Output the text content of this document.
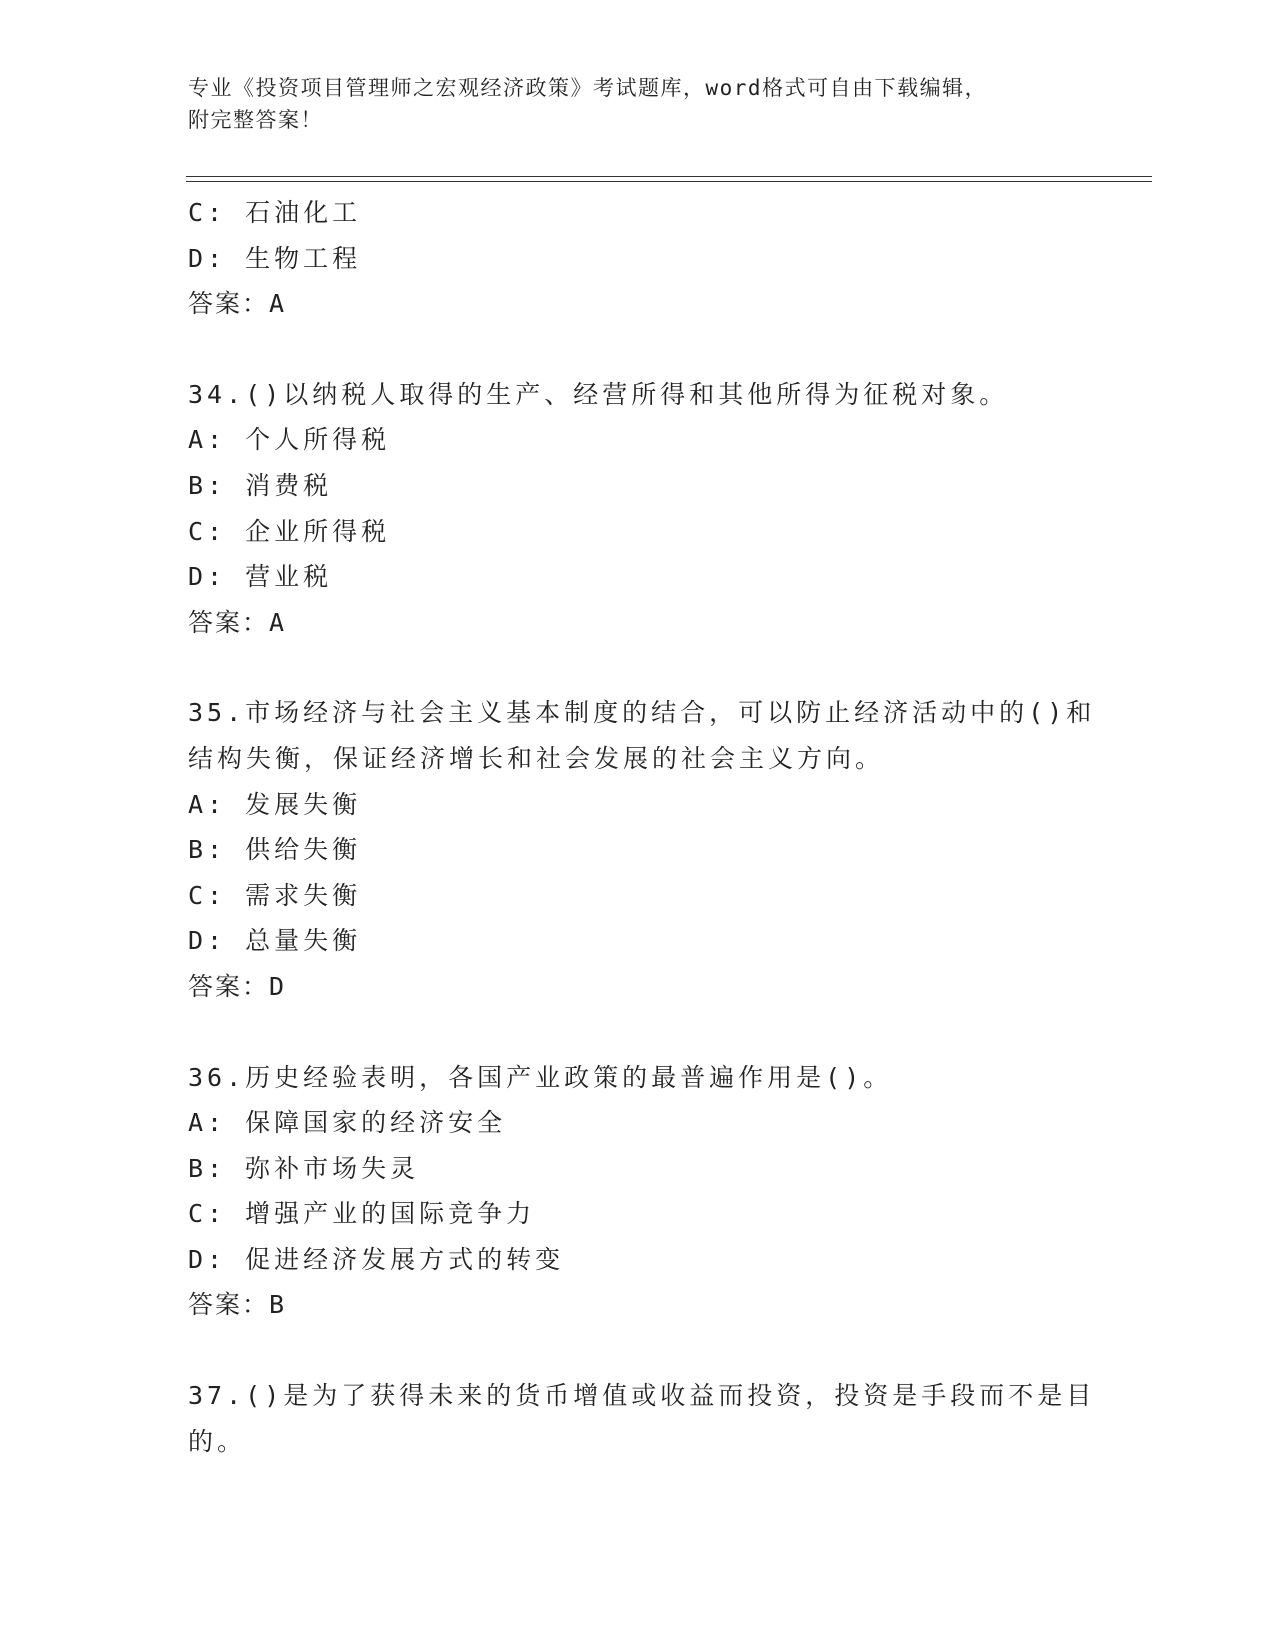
专业《投资项目管理师之宏观经济政策》考试题库，word格式可自由下载编辑，
附完整答案！
C: 石油化工
D: 生物工程
答案：A
34.()以纳税人取得的生产、经营所得和其他所得为征税对象。
A: 个人所得税
B: 消费税
C: 企业所得税
D: 营业税
答案：A
35.市场经济与社会主义基本制度的结合，可以防止经济活动中的()和
结构失衡，保证经济增长和社会发展的社会主义方向。
A: 发展失衡
B: 供给失衡
C: 需求失衡
D: 总量失衡
答案：D
36.历史经验表明，各国产业政策的最普遍作用是()。
A: 保障国家的经济安全
B: 弥补市场失灵
C: 增强产业的国际竞争力
D: 促进经济发展方式的转变
答案：B
37.()是为了获得未来的货币增值或收益而投资，投资是手段而不是目
的。
